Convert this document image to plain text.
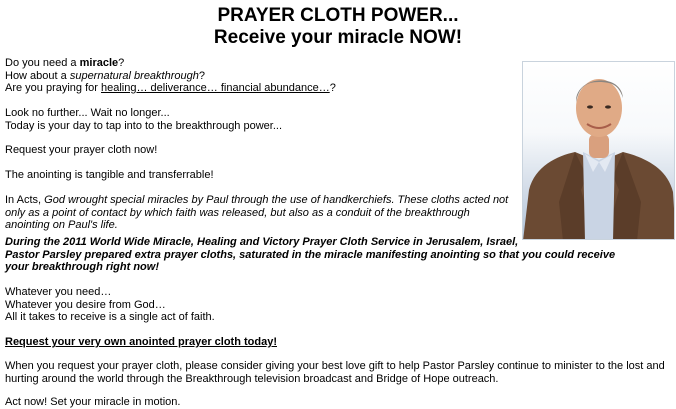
PRAYER CLOTH POWER...
Receive your miracle NOW!

Do you need a miracle?

How about a supernatural breakthrough?

Are you praying for healing… deliverance… financial abundance…?

Look no further... Wait no longer...

Today is your day to tap into to the breakthrough power...

Request your prayer cloth now!

The anointing is tangible and transferrable!

In Acts, God wrought special miracles by Paul through the use of handkerchiefs. These cloths acted not only as a point of contact by which faith was released, but also as a conduit of the breakthrough anointing on Paul's life.

During the 2011 World Wide Miracle, Healing and Victory Prayer Cloth Service in Jerusalem, Israel,

Pastor Parsley prepared extra prayer cloths, saturated in the miracle manifesting anointing so that you could receive your breakthrough right now!

Whatever you need…

Whatever you desire from God…

All it takes to receive is a single act of faith.

Request your very own anointed prayer cloth today!

When you request your prayer cloth, please consider giving your best love gift to help Pastor Parsley continue to minister to the lost and hurting around the world through the Breakthrough television broadcast and Bridge of Hope outreach.

Act now! Set your miracle in motion.
